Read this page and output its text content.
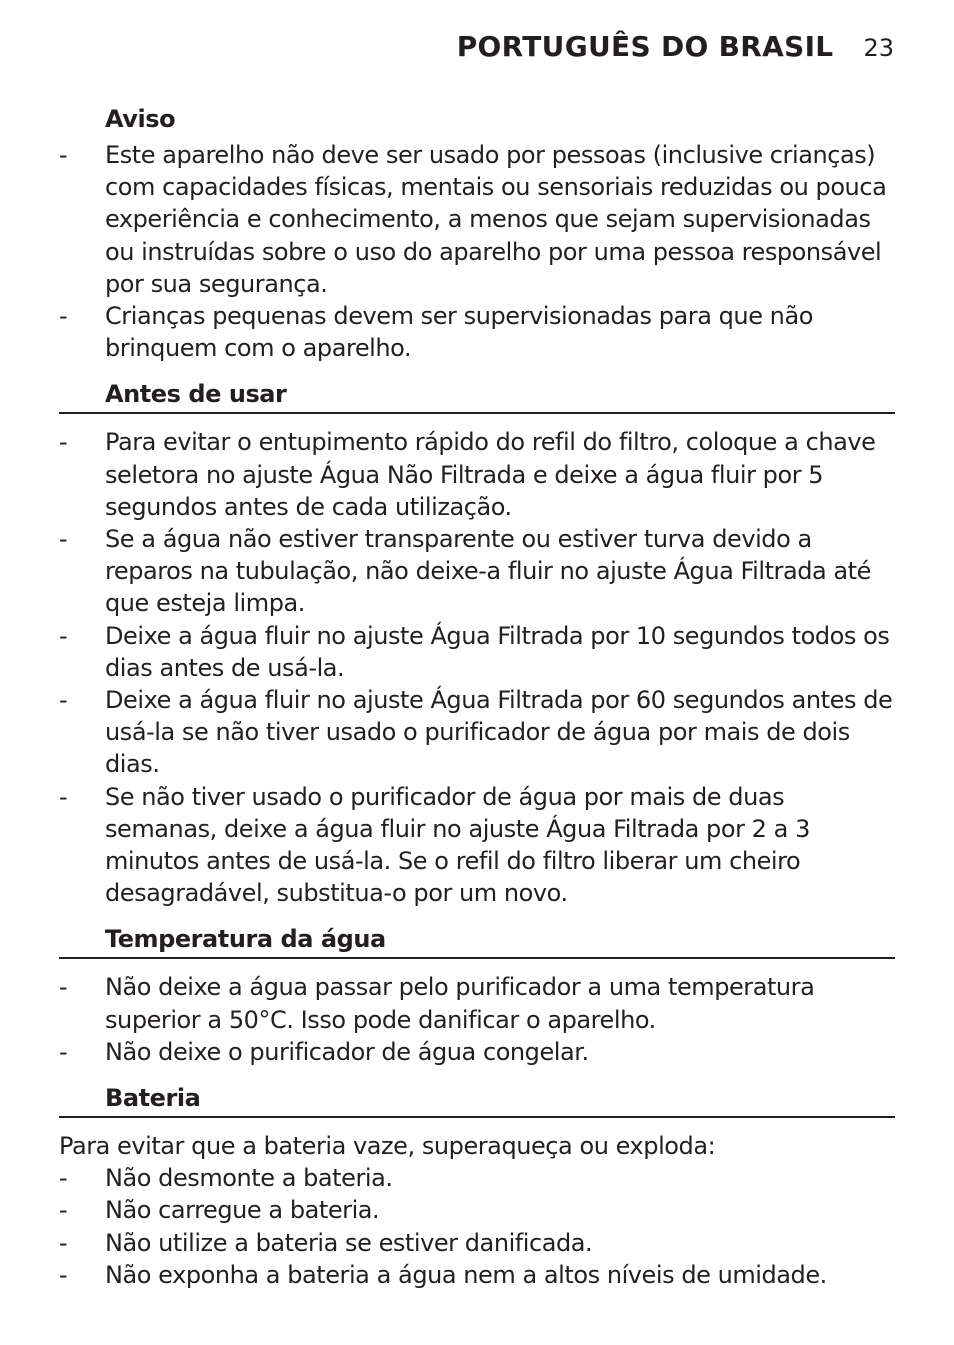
PORTUGUÊS DO BRASIL 23
Aviso
-	Este aparelho não deve ser usado por pessoas (inclusive crianças) com capacidades físicas, mentais ou sensoriais reduzidas ou pouca experiência e conhecimento, a menos que sejam supervisionadas ou instruídas sobre o uso do aparelho por uma pessoa responsável por sua segurança.
-	Crianças pequenas devem ser supervisionadas para que não brinquem com o aparelho.
Antes de usar
-	Para evitar o entupimento rápido do refil do filtro, coloque a chave seletora no ajuste Água Não Filtrada e deixe a água fluir por 5 segundos antes de cada utilização.
-	Se a água não estiver transparente ou estiver turva devido a reparos na tubulação, não deixe-a fluir no ajuste Água Filtrada até que esteja limpa.
-	Deixe a água fluir no ajuste Água Filtrada por 10 segundos todos os dias antes de usá-la.
-	Deixe a água fluir no ajuste Água Filtrada por 60 segundos antes de usá-la se não tiver usado o purificador de água por mais de dois dias.
-	Se não tiver usado o purificador de água por mais de duas semanas, deixe a água fluir no ajuste Água Filtrada por 2 a 3 minutos antes de usá-la. Se o refil do filtro liberar um cheiro desagradável, substitua-o por um novo.
Temperatura da água
-	Não deixe a água passar pelo purificador a uma temperatura superior a 50°C. Isso pode danificar o aparelho.
-	Não deixe o purificador de água congelar.
Bateria
Para evitar que a bateria vaze, superaqueça ou exploda:
-	Não desmonte a bateria.
-	Não carregue a bateria.
-	Não utilize a bateria se estiver danificada.
-	Não exponha a bateria a água nem a altos níveis de umidade.
